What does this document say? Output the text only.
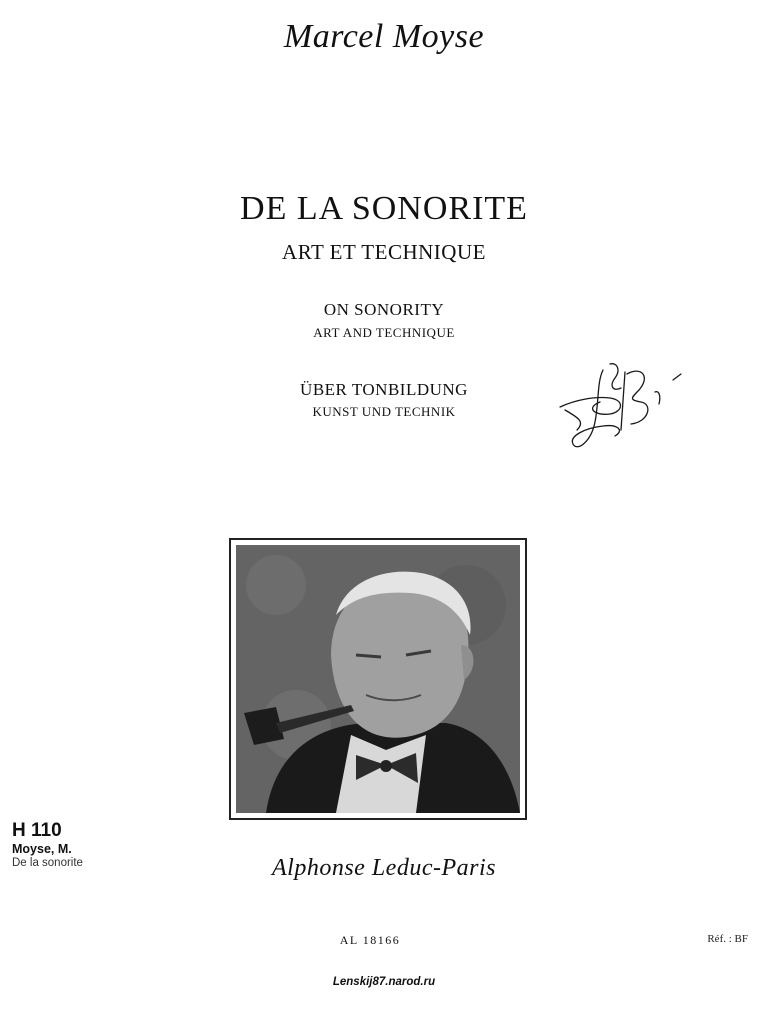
Marcel Moyse
DE LA SONORITE
ART ET TECHNIQUE
ON SONORITY
ART AND TECHNIQUE
ÜBER TONBILDUNG
KUNST UND TECHNIK
H 110
Moyse, M.
De la sonorite	Alphonse Leduc-Paris
AL 18166	Réf. : BF
Lenskij87.narod.ru
